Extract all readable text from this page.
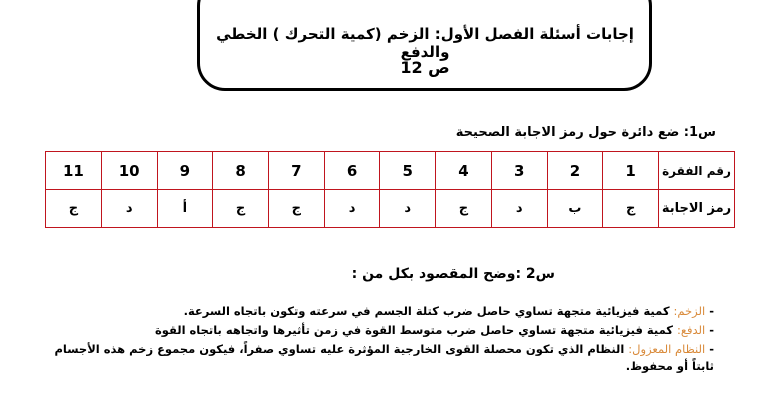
إجابات أسئلة الفصل الأول: الزخم (كمية التحرك ) الخطي والدفع
ص 12
س1: ضع دائرة حول رمز الاجابة الصحيحة
رقم الفقرة	1	2	3	4	5	6	7	8	9	10	11
رمز الاجابة	ج	ب	د	ج	د	د	ج	ج	أ	د	ج
س2 :وضح المقصود بكل من :
- الزخم: كمية فيزيائية متجهة تساوي حاصل ضرب كتلة الجسم في سرعته وتكون باتجاه السرعة.
- الدفع: كمية فيزيائية متجهة تساوي حاصل ضرب متوسط القوة في زمن تأثيرها واتجاهه باتجاه القوة
- النظام المعزول: النظام الذي تكون محصلة القوى الخارجية المؤثرة عليه تساوي صفراً، فيكون مجموع زخم هذه الأجسام ثابتاً أو محفوظ.
